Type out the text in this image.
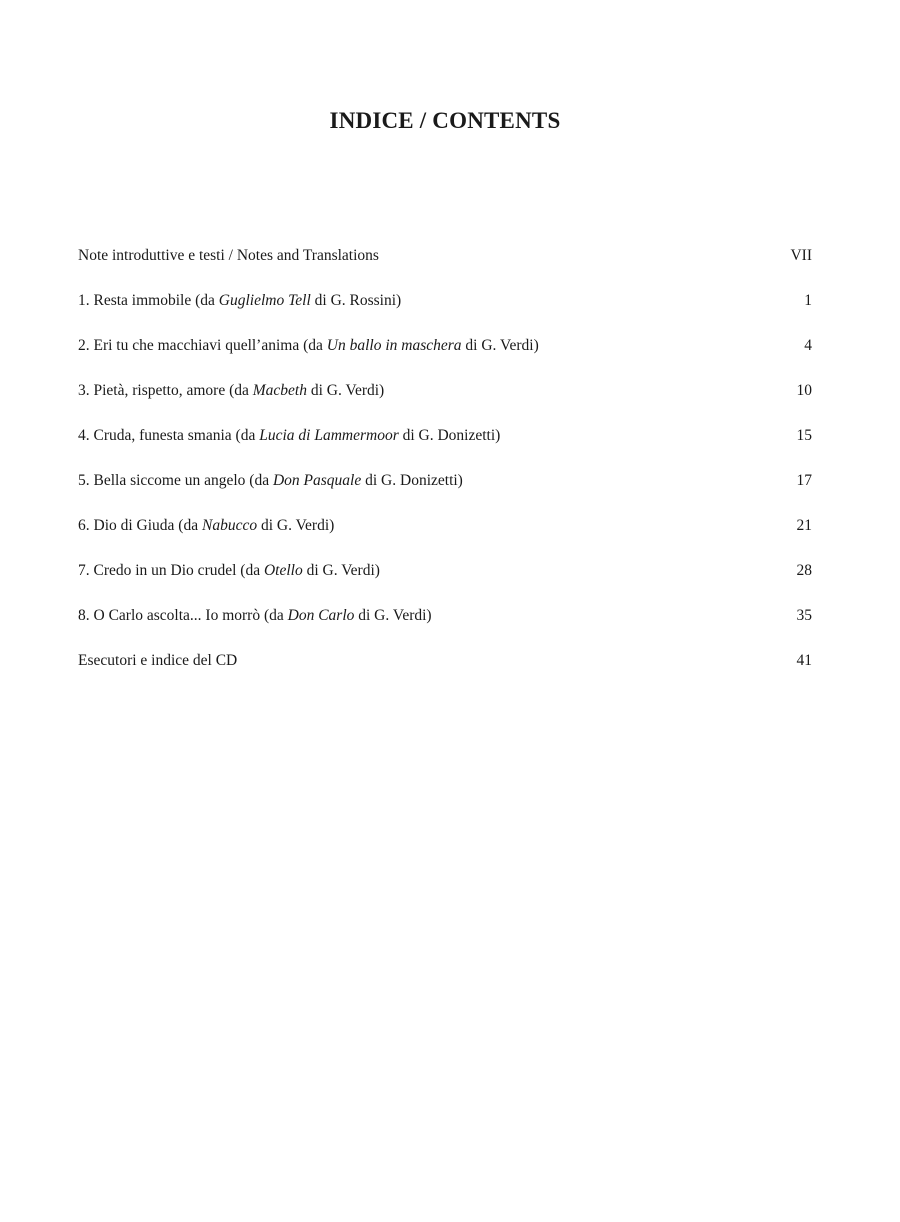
INDICE / CONTENTS
Note introduttive e testi / Notes and Translations	VII
1. Resta immobile (da Guglielmo Tell di G. Rossini)	1
2. Eri tu che macchiavi quell’anima (da Un ballo in maschera di G. Verdi)	4
3. Pietà, rispetto, amore (da Macbeth di G. Verdi)	10
4. Cruda, funesta smania (da Lucia di Lammermoor di G. Donizetti)	15
5. Bella siccome un angelo (da Don Pasquale di G. Donizetti)	17
6. Dio di Giuda (da Nabucco di G. Verdi)	21
7. Credo in un Dio crudel (da Otello di G. Verdi)	28
8. O Carlo ascolta... Io morrò (da Don Carlo di G. Verdi)	35
Esecutori e indice del CD	41
